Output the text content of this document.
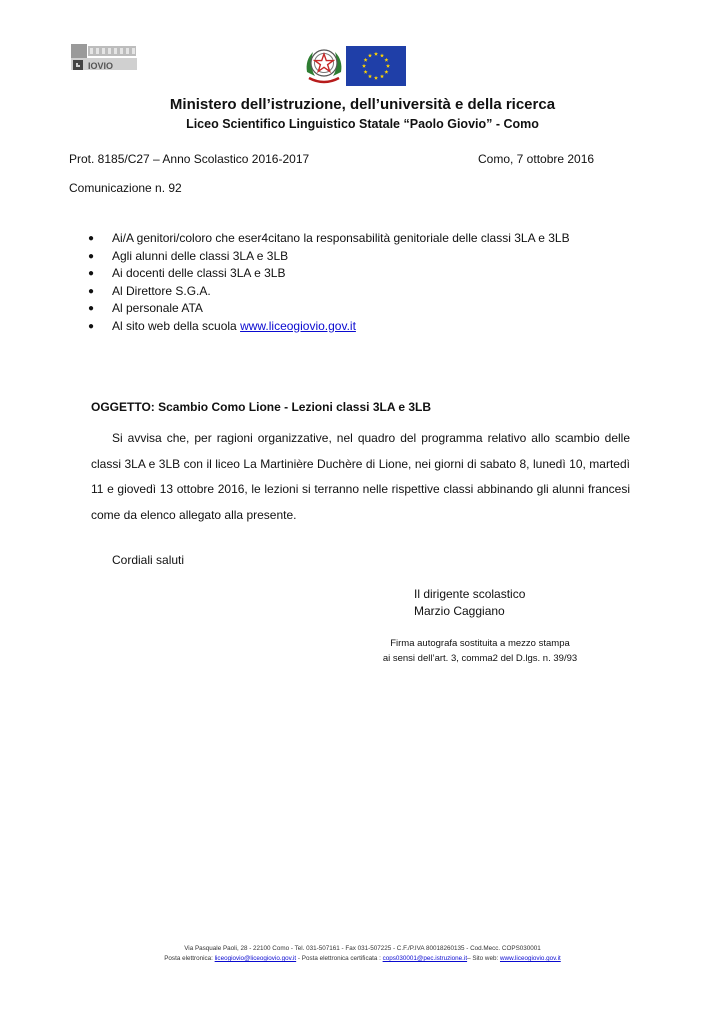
IOVIO
Ministero dell’istruzione, dell’università e della ricerca
Liceo Scientifico Linguistico Statale “Paolo Giovio” - Como
Prot. 8185/C27 – Anno Scolastico 2016-2017	Como, 7 ottobre 2016
Comunicazione n. 92
●	Ai/A genitori/coloro che eser4citano la responsabilità genitoriale delle classi 3LA e 3LB
●	Agli alunni delle classi 3LA e 3LB
●	Ai docenti delle classi 3LA e 3LB
●	Al Direttore S.G.A.
●	Al personale ATA
●	Al sito web della scuola www.liceogiovio.gov.it
OGGETTO: Scambio Como Lione - Lezioni classi 3LA e 3LB
Si avvisa che, per ragioni organizzative, nel quadro del programma relativo allo scambio delle classi 3LA e 3LB con il liceo La Martinière Duchère di Lione, nei giorni di sabato 8, lunedì 10, martedì 11 e giovedì 13 ottobre 2016, le lezioni si terranno nelle rispettive classi abbinando gli alunni francesi come da elenco allegato alla presente.
Cordiali saluti
Il dirigente scolastico
Marzio Caggiano
Firma autografa sostituita a mezzo stampa
ai sensi dell’art. 3, comma2 del D.lgs. n. 39/93
Via Pasquale Paoli, 28 - 22100 Como - Tel. 031-507161 - Fax 031-507225 - C.F./P.IVA 80018260135 - Cod.Mecc. COPS030001
Posta elettronica: liceogiovio@liceogiovio.gov.it - Posta elettronica certificata : cops030001@pec.istruzione.it– Sito web: www.liceogiovio.gov.it
